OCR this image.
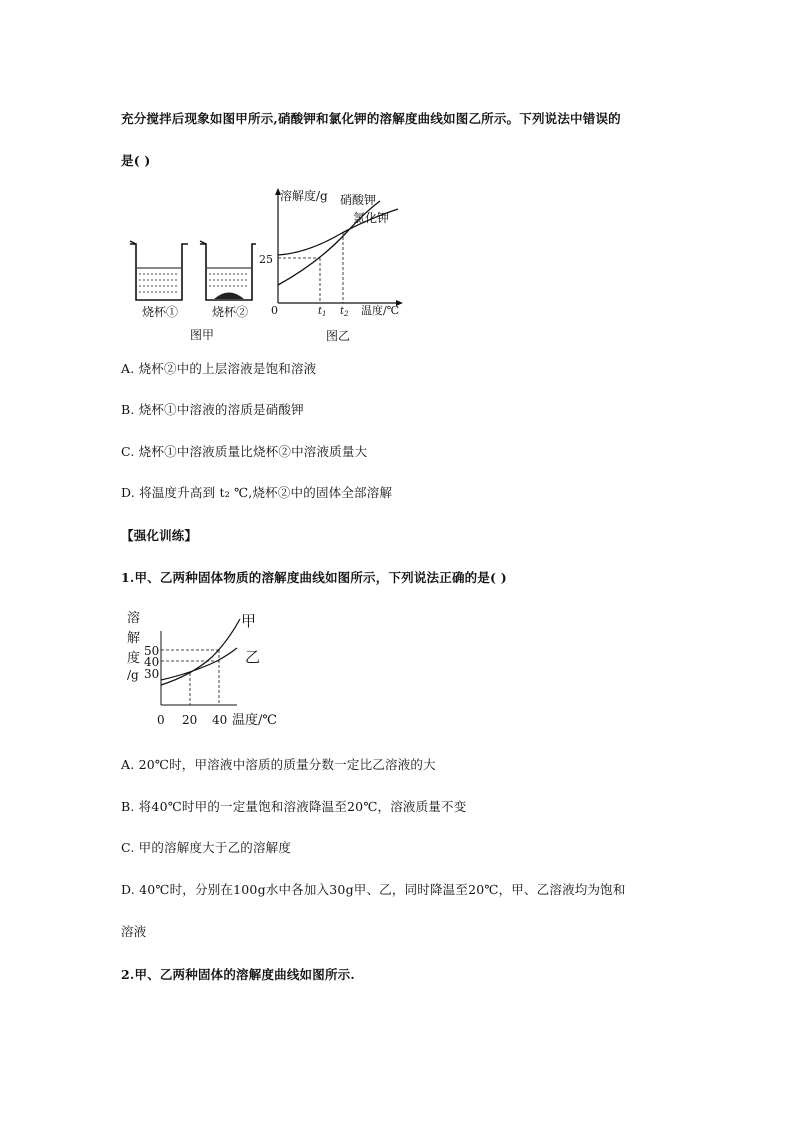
充分搅拌后现象如图甲所示,硝酸钾和氯化钾的溶解度曲线如图乙所示。下列说法中错误的
是( )
烧杯①	烧杯②
图甲
溶解度/g
0
25
$t_1$ $t_2$ 温度/℃
硝酸钾
氯化钾
图乙
A. 烧杯②中的上层溶液是饱和溶液
B. 烧杯①中溶液的溶质是硝酸钾
C. 烧杯①中溶液质量比烧杯②中溶液质量大
D. 将温度升高到 t₂ ℃,烧杯②中的固体全部溶解
【强化训练】
1.甲、乙两种固体物质的溶解度曲线如图所示，下列说法正确的是( )
溶
解
度
/g
50
40
30
甲
乙
0 20 40 温度/℃
A. 20℃时，甲溶液中溶质的质量分数一定比乙溶液的大
B. 将40℃时甲的一定量饱和溶液降温至20℃，溶液质量不变
C. 甲的溶解度大于乙的溶解度
D. 40℃时，分别在100g水中各加入30g甲、乙，同时降温至20℃，甲、乙溶液均为饱和
溶液
2.甲、乙两种固体的溶解度曲线如图所示.
